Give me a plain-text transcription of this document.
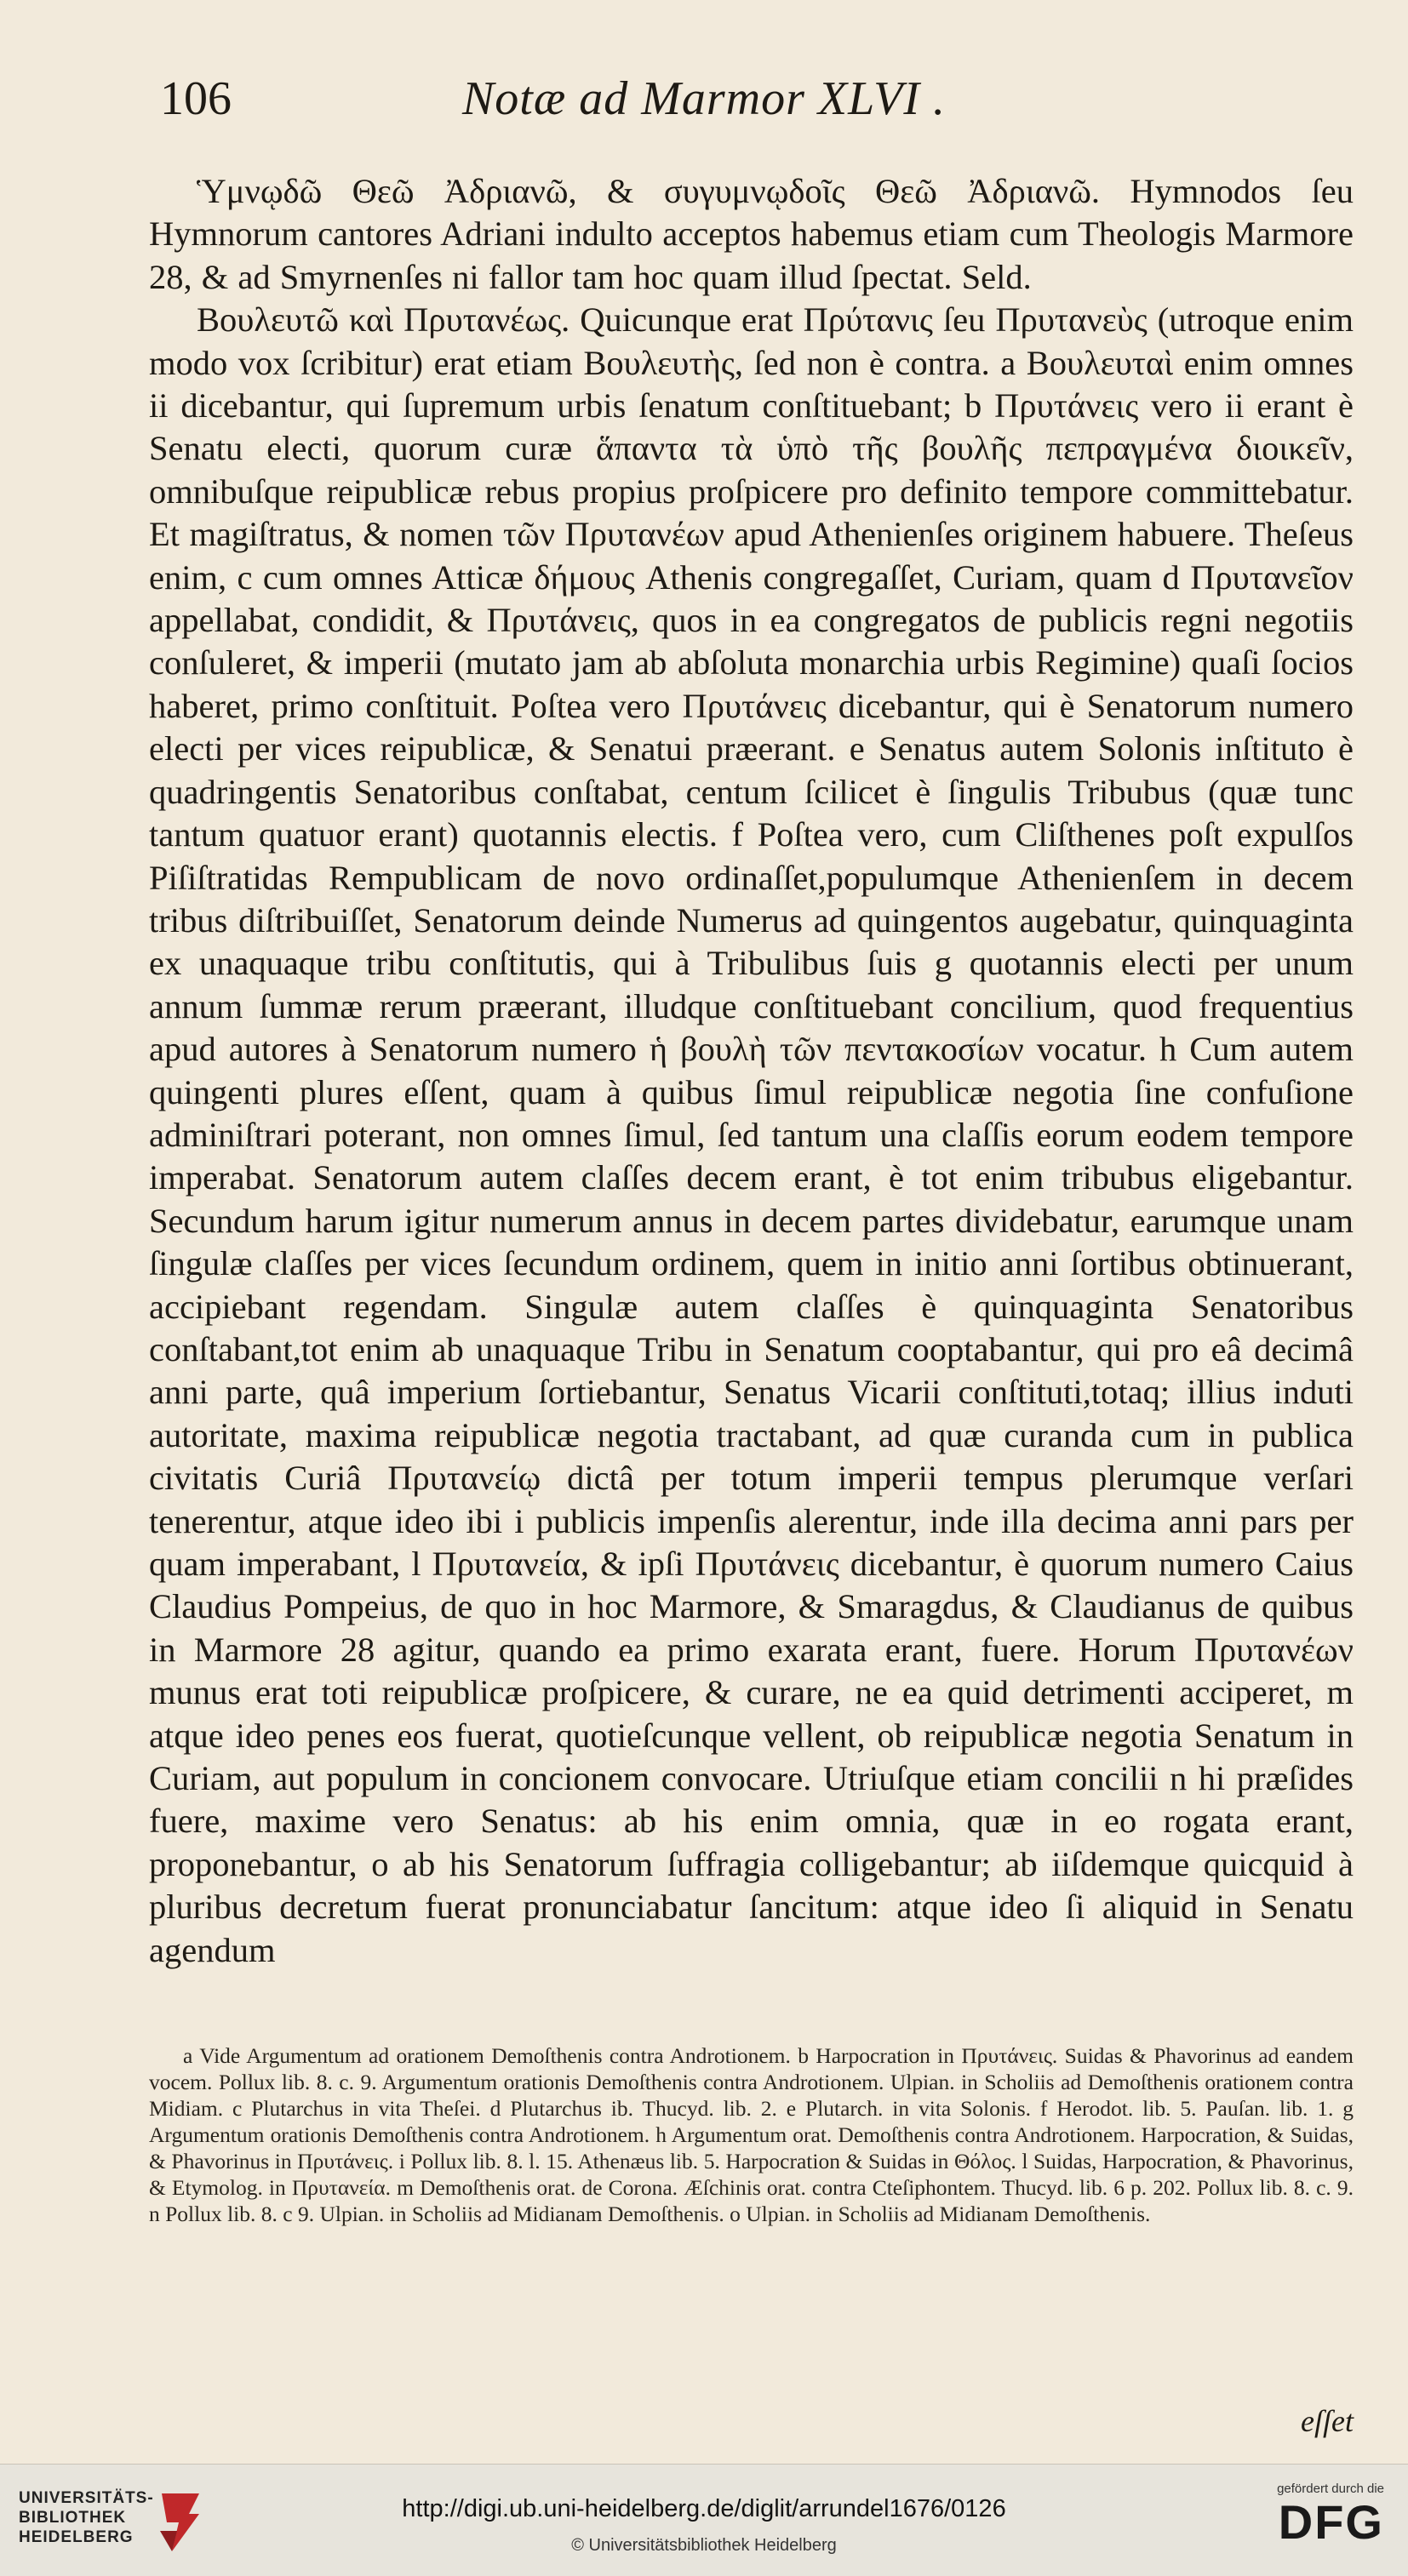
106	Notæ ad Marmor XLVI .

Ὑμνῳδῶ Θεῶ Ἀδριανῶ, & συγυμνῳδοῖς Θεῶ Ἀδριανῶ. Hymnodos ſeu Hymnorum cantores Adriani indulto acceptos habemus etiam cum Theologis Marmore 28, & ad Smyrnenſes ni fallor tam hoc quam illud ſpectat. Seld.

Βουλευτῶ καὶ Πρυτανέως. Quicunque erat Πρύτανις ſeu Πρυτανεὺς (utroque enim modo vox ſcribitur) erat etiam Βουλευτὴς, ſed non è contra. a Βουλευταὶ enim omnes ii dicebantur, qui ſupremum urbis ſenatum conſtituebant; b Πρυτάνεις vero ii erant è Senatu electi, quorum curæ ἅπαντα τὰ ὑπὸ τῆς βουλῆς πεπραγμένα διοικεῖν, omnibuſque reipublicæ rebus propius proſpicere pro definito tempore committebatur. Et magiſtratus, & nomen τῶν Πρυτανέων apud Athenienſes originem habuere. Theſeus enim, c cum omnes Atticæ δήμους Athenis congregaſſet, Curiam, quam d Πρυτανεῖον appellabat, condidit, & Πρυτάνεις, quos in ea congregatos de publicis regni negotiis conſuleret, & imperii (mutato jam ab abſoluta monarchia urbis Regimine) quaſi ſocios haberet, primo conſtituit. Poſtea vero Πρυτάνεις dicebantur, qui è Senatorum numero electi per vices reipublicæ, & Senatui præerant. e Senatus autem Solonis inſtituto è quadringentis Senatoribus conſtabat, centum ſcilicet è ſingulis Tribubus (quæ tunc tantum quatuor erant) quotannis electis. f Poſtea vero, cum Cliſthenes poſt expulſos Piſiſtratidas Rempublicam de novo ordinaſſet,populumque Athenienſem in decem tribus diſtribuiſſet, Senatorum deinde Numerus ad quingentos augebatur, quinquaginta ex unaquaque tribu conſtitutis, qui à Tribulibus ſuis g quotannis electi per unum annum ſummæ rerum præerant, illudque conſtituebant concilium, quod frequentius apud autores à Senatorum numero ἡ βουλὴ τῶν πεντακοσίων vocatur. h Cum autem quingenti plures eſſent, quam à quibus ſimul reipublicæ negotia ſine confuſione adminiſtrari poterant, non omnes ſimul, ſed tantum una claſſis eorum eodem tempore imperabat. Senatorum autem claſſes decem erant, è tot enim tribubus eligebantur. Secundum harum igitur numerum annus in decem partes dividebatur, earumque unam ſingulæ claſſes per vices ſecundum ordinem, quem in initio anni ſortibus obtinuerant, accipiebant regendam. Singulæ autem claſſes è quinquaginta Senatoribus conſtabant,tot enim ab unaquaque Tribu in Senatum cooptabantur, qui pro eâ decimâ anni parte, quâ imperium ſortiebantur, Senatus Vicarii conſtituti,totaq; illius induti autoritate, maxima reipublicæ negotia tractabant, ad quæ curanda cum in publica civitatis Curiâ Πρυτανείῳ dictâ per totum imperii tempus plerumque verſari tenerentur, atque ideo ibi i publicis impenſis alerentur, inde illa decima anni pars per quam imperabant, l Πρυτανεία, & ipſi Πρυτάνεις dicebantur, è quorum numero Caius Claudius Pompeius, de quo in hoc Marmore, & Smaragdus, & Claudianus de quibus in Marmore 28 agitur, quando ea primo exarata erant, fuere. Horum Πρυτανέων munus erat toti reipublicæ proſpicere, & curare, ne ea quid detrimenti acciperet, m atque ideo penes eos fuerat, quotieſcunque vellent, ob reipublicæ negotia Senatum in Curiam, aut populum in concionem convocare. Utriuſque etiam concilii n hi præſides fuere, maxime vero Senatus: ab his enim omnia, quæ in eo rogata erant, proponebantur, o ab his Senatorum ſuffragia colligebantur; ab iiſdemque quicquid à pluribus decretum fuerat pronunciabatur ſancitum: atque ideo ſi aliquid in Senatu agendum

a Vide Argumentum ad orationem Demoſthenis contra Androtionem. b Harpocration in Πρυτάνεις. Suidas & Phavorinus ad eandem vocem. Pollux lib. 8. c. 9. Argumentum orationis Demoſthenis contra Androtionem. Ulpian. in Scholiis ad Demoſthenis orationem contra Midiam. c Plutarchus in vita Theſei. d Plutarchus ib. Thucyd. lib. 2. e Plutarch. in vita Solonis. f Herodot. lib. 5. Pauſan. lib. 1. g Argumentum orationis Demoſthenis contra Androtionem. h Argumentum orat. Demoſthenis contra Androtionem. Harpocration, & Suidas, & Phavorinus in Πρυτάνεις. i Pollux lib. 8. l. 15. Athenæus lib. 5. Harpocration & Suidas in Θόλος. l Suidas, Harpocration, & Phavorinus, & Etymolog. in Πρυτανεία. m Demoſthenis orat. de Corona. Æſchinis orat. contra Cteſiphontem. Thucyd. lib. 6 p. 202. Pollux lib. 8. c. 9. n Pollux lib. 8. c 9. Ulpian. in Scholiis ad Midianam Demoſthenis. o Ulpian. in Scholiis ad Midianam Demoſthenis.

eſſet
UNIVERSITÄTS-
BIBLIOTHEK
HEIDELBERG
http://digi.ub.uni-heidelberg.de/diglit/arrundel1676/0126
© Universitätsbibliothek Heidelberg
gefördert durch die
DFG
